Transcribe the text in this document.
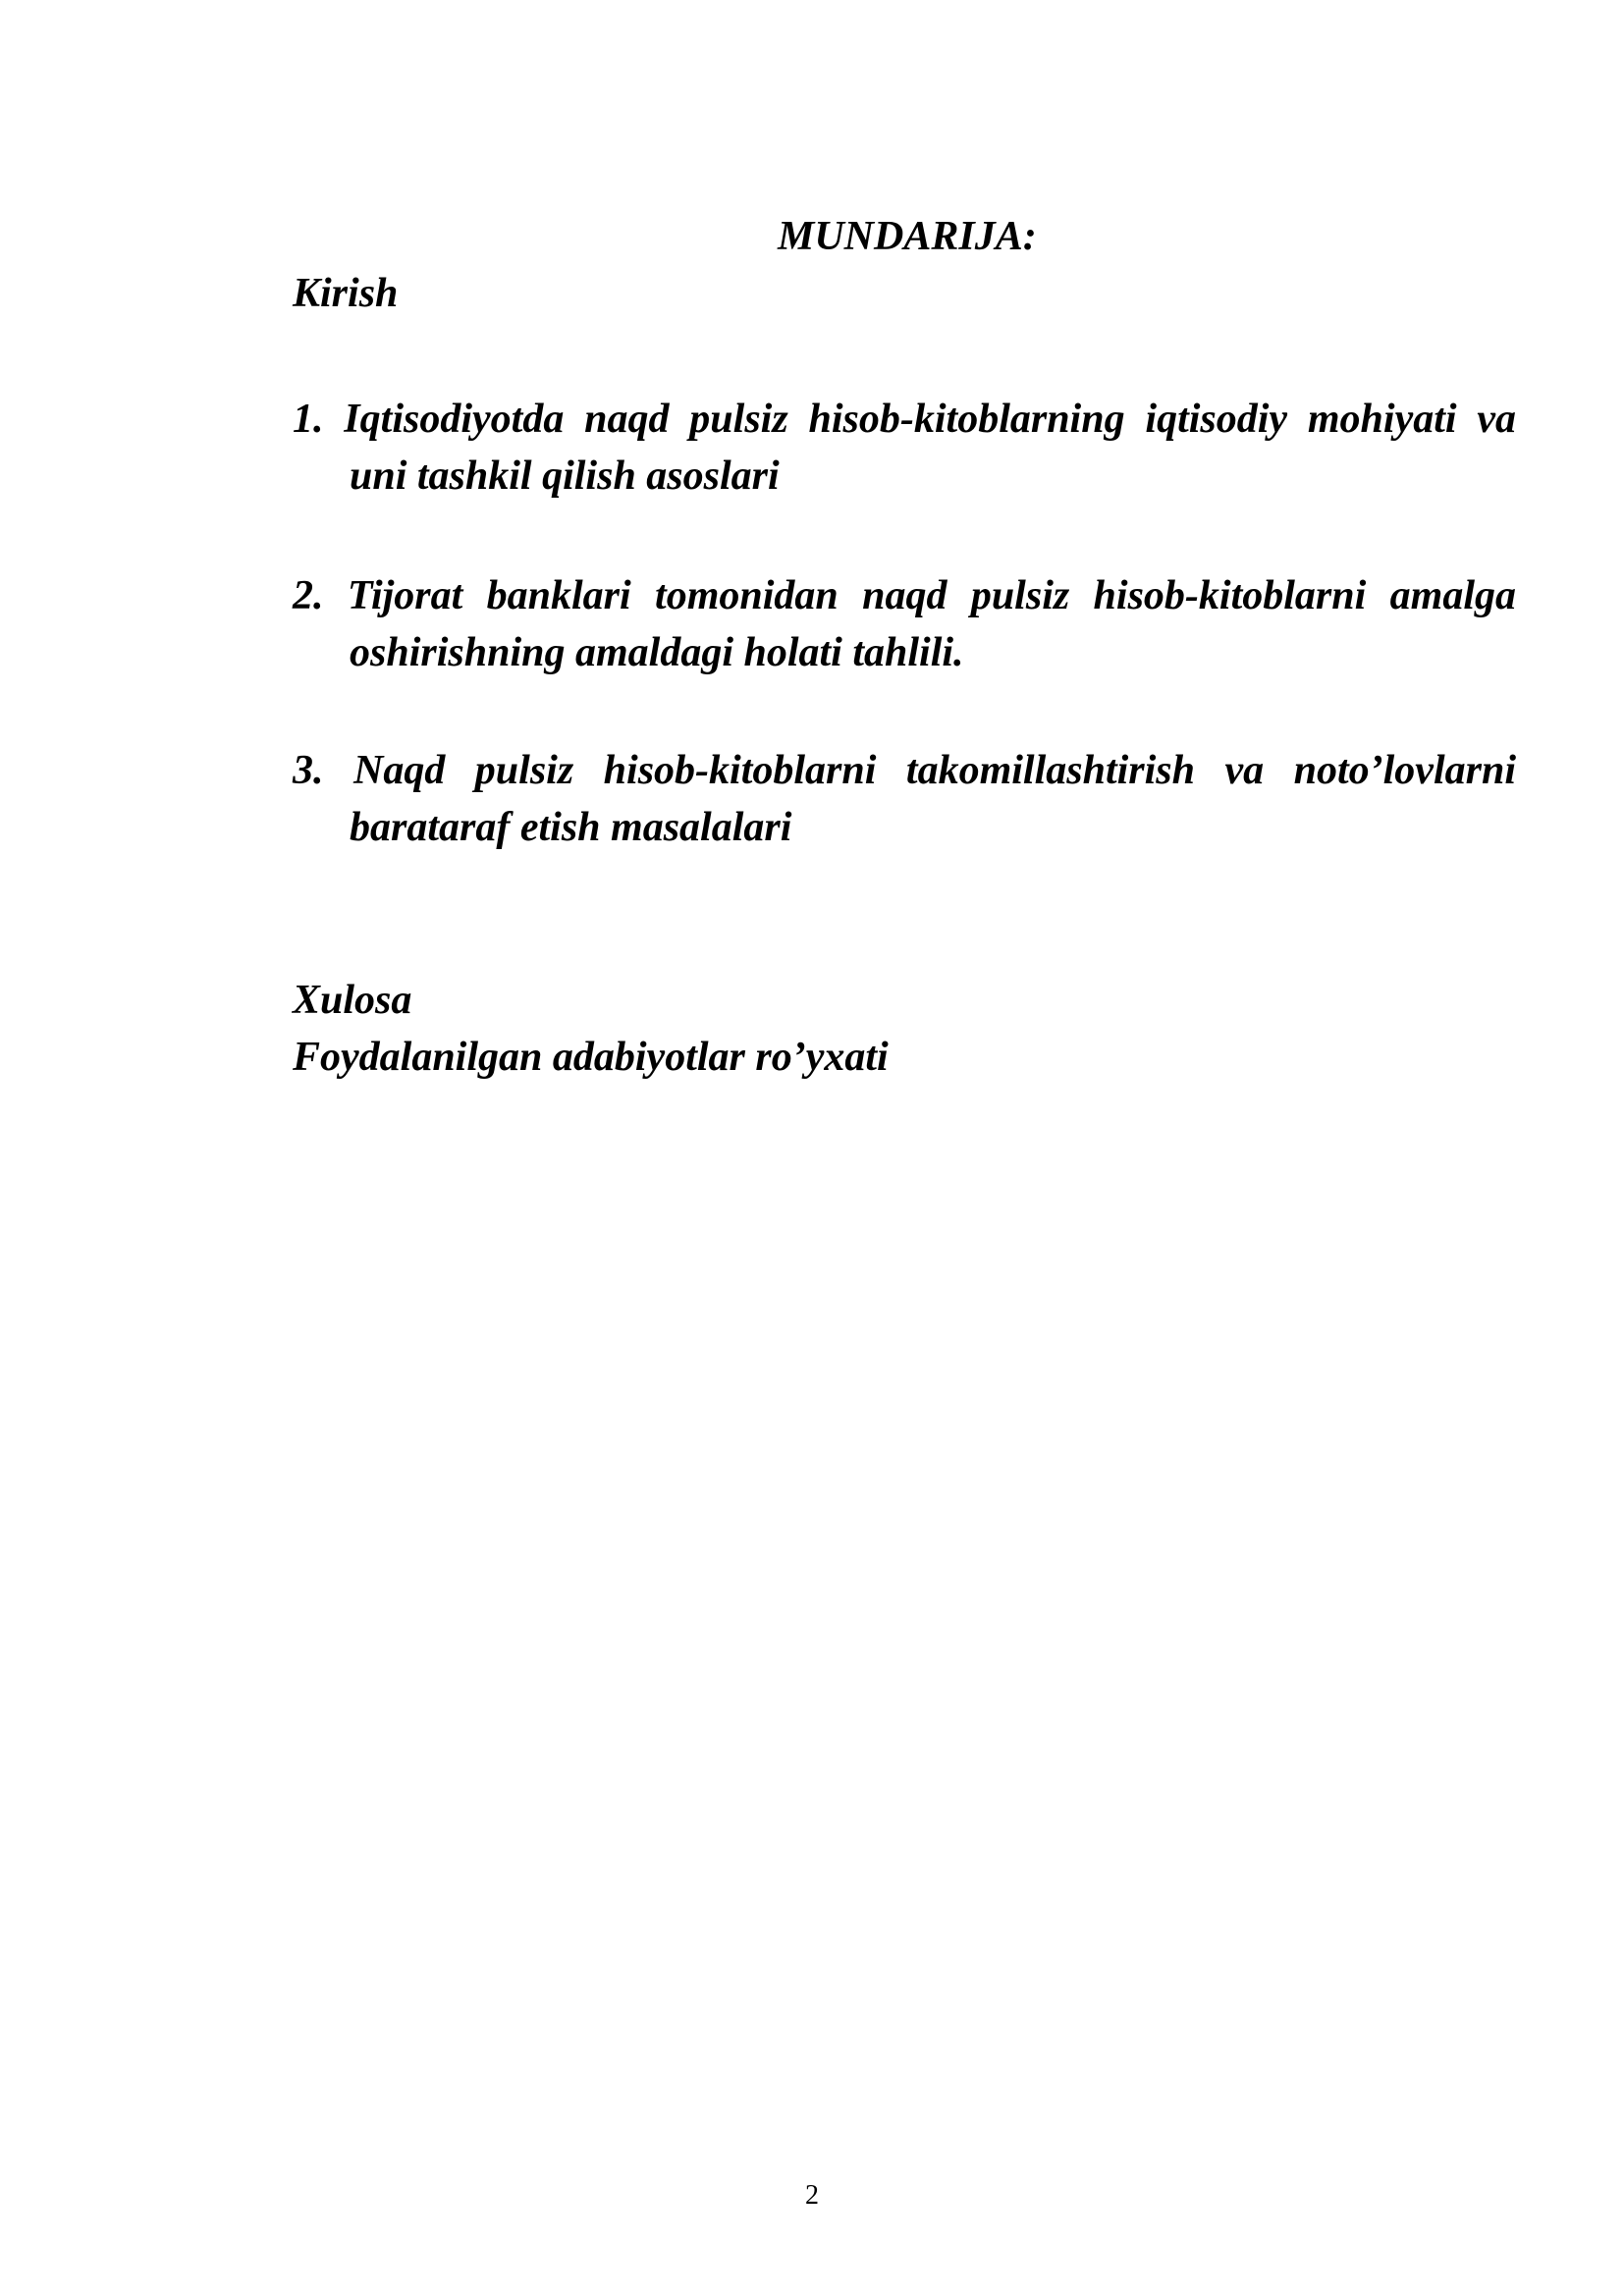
MUNDARIJA:
Kirish
1. Iqtisodiyotda naqd pulsiz hisob-kitoblarning iqtisodiy mohiyati va
uni tashkil qilish asoslari
2. Tijorat banklari tomonidan naqd pulsiz hisob-kitoblarni amalga
oshirishning amaldagi holati tahlili.
3. Naqd pulsiz hisob-kitoblarni takomillashtirish va noto’lovlarni
barataraf etish masalalari
Xulosa
Foydalanilgan adabiyotlar ro’yxati
2
